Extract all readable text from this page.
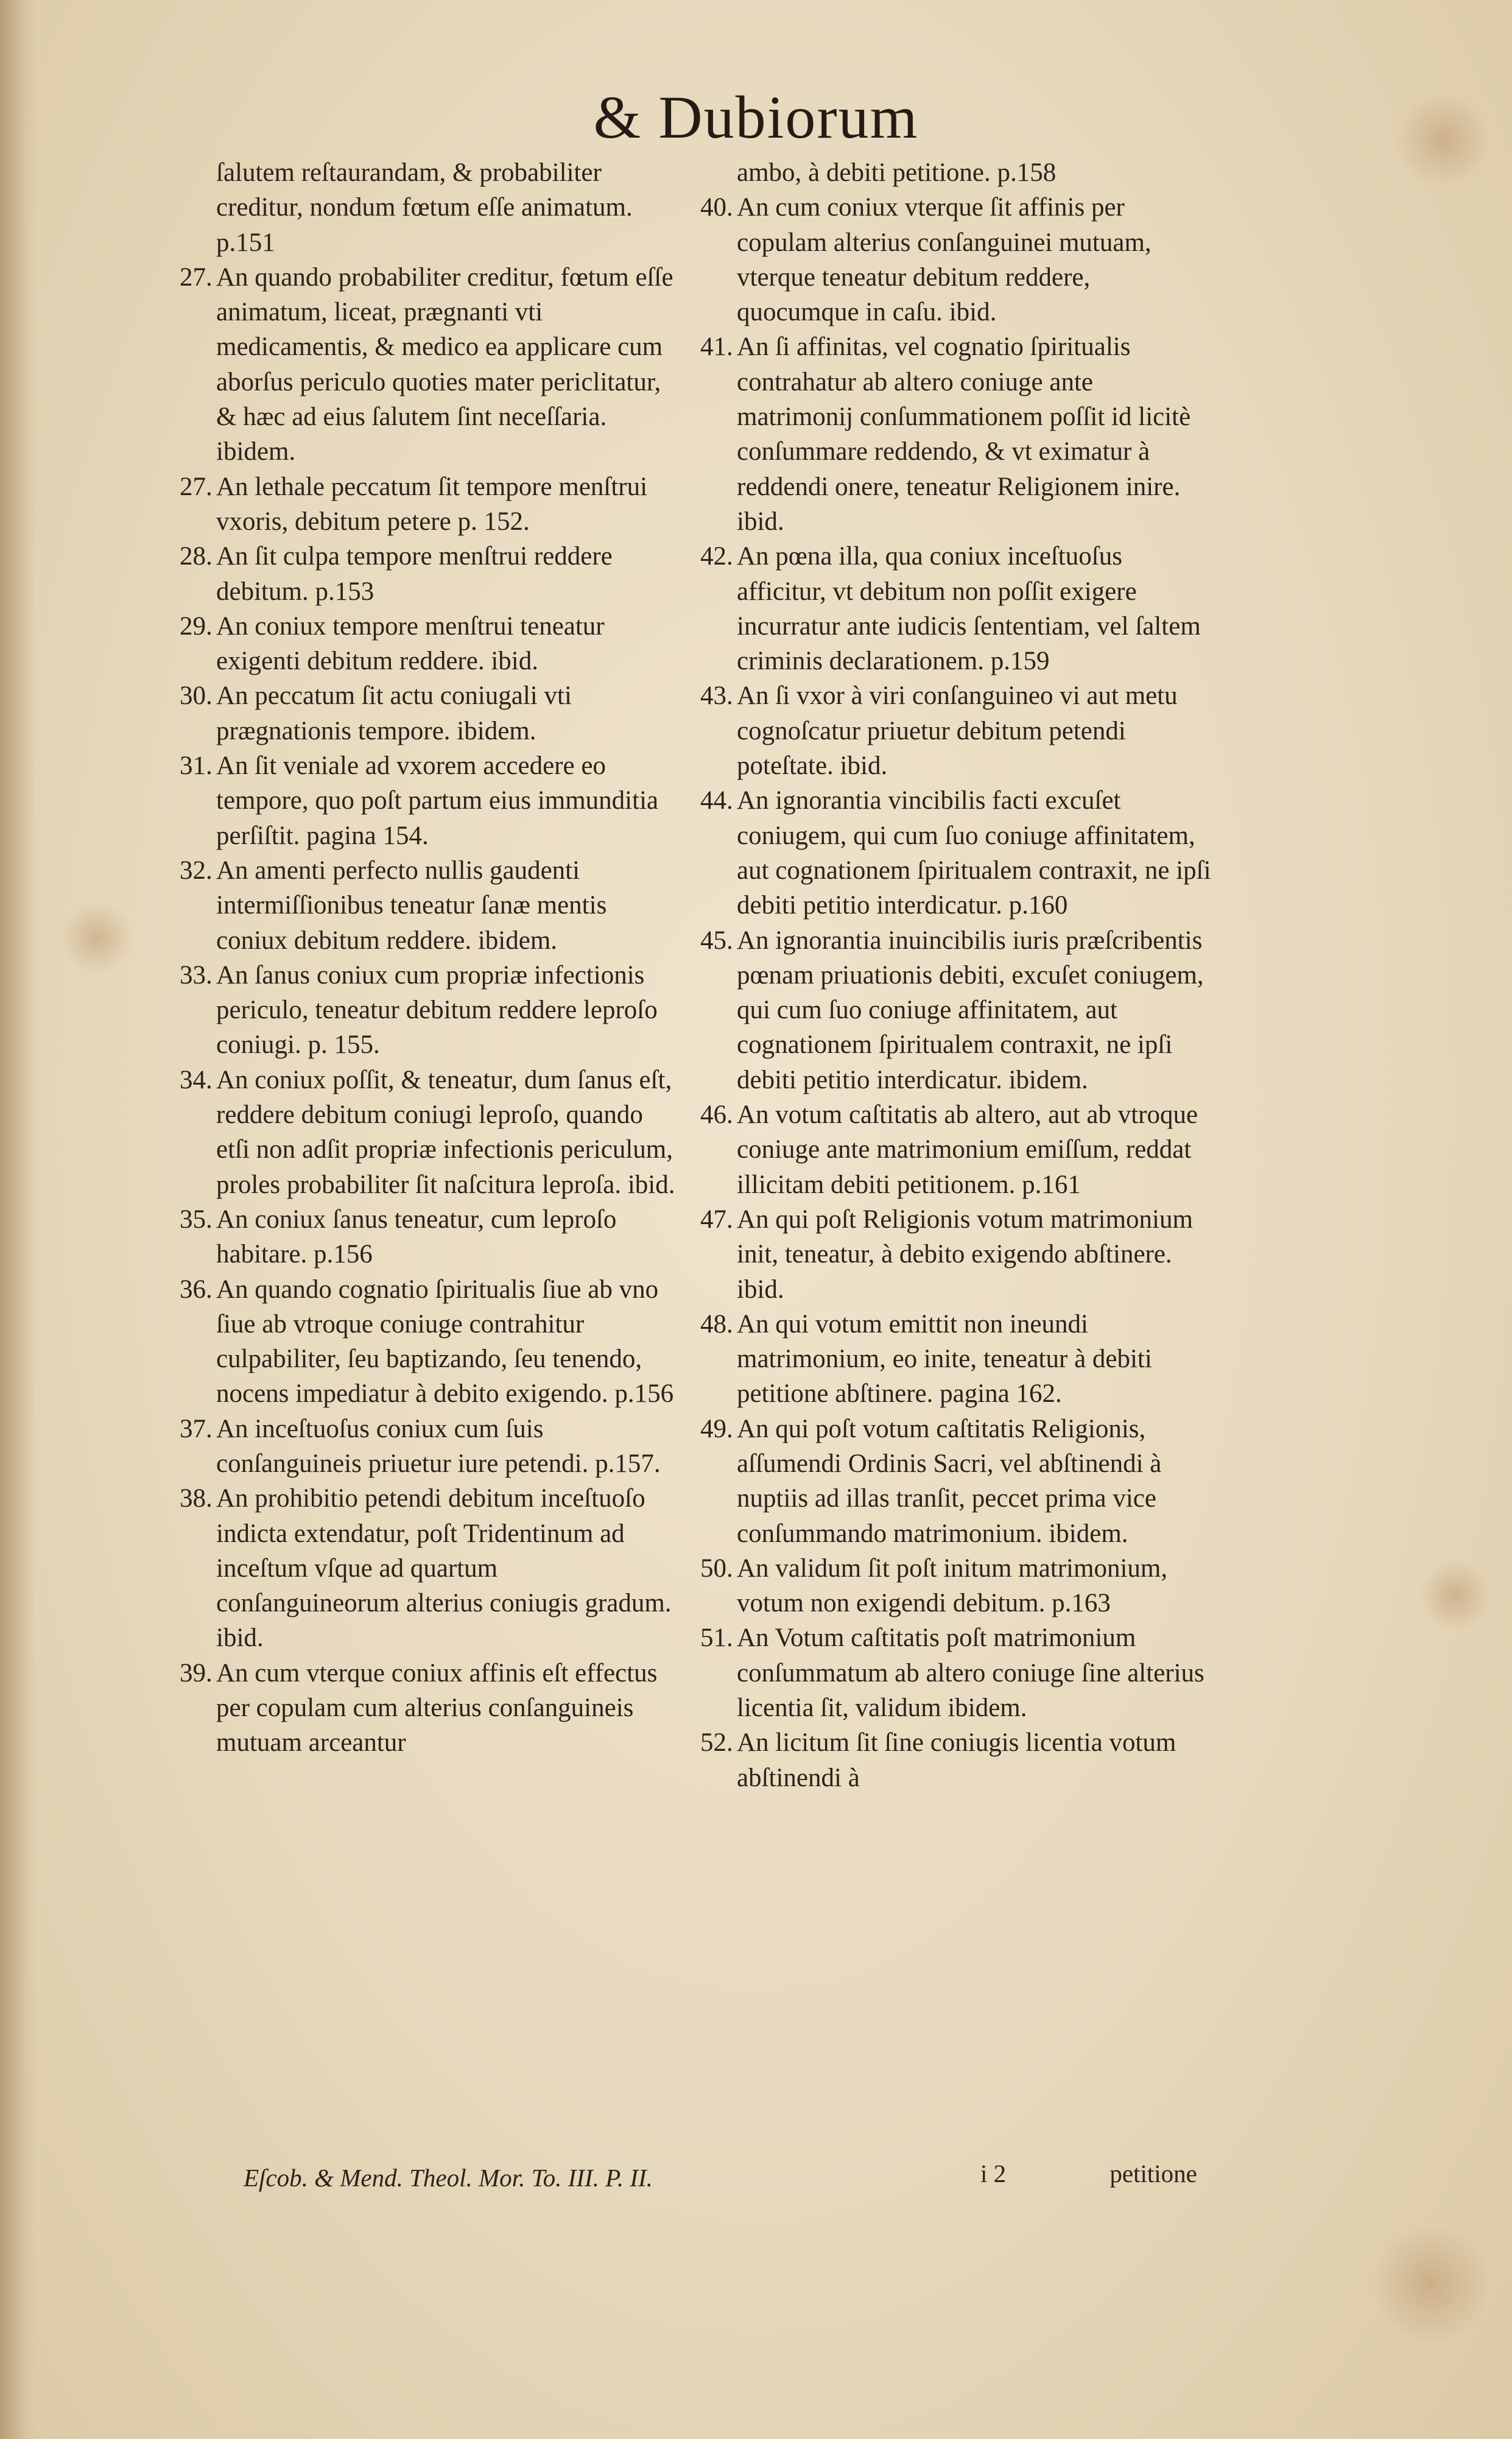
& Dubiorum
ſalutem reſtaurandam, & probabiliter creditur, nondum fœtum eſſe animatum. p.151
27. An quando probabiliter creditur, fœtum eſſe animatum, liceat, prægnanti vti medicamentis, & medico ea applicare cum aborſus periculo quoties mater periclitatur, & hæc ad eius ſalutem ſint neceſſaria. ibidem.
27. An lethale peccatum ſit tempore menſtrui vxoris, debitum petere p. 152.
28. An ſit culpa tempore menſtrui reddere debitum. p.153
29. An coniux tempore menſtrui teneatur exigenti debitum reddere. ibid.
30. An peccatum ſit actu coniugali vti prægnationis tempore. ibidem.
31. An ſit veniale ad vxorem accedere eo tempore, quo poſt partum eius immunditia perſiſtit. pagina 154.
32. An amenti perfecto nullis gaudenti intermiſſionibus teneatur ſanæ mentis coniux debitum reddere. ibidem.
33. An ſanus coniux cum propriæ infectionis periculo, teneatur debitum reddere leproſo coniugi. p. 155.
34. An coniux poſſit, & teneatur, dum ſanus eſt, reddere debitum coniugi leproſo, quando etſi non adſit propriæ infectionis periculum, proles probabiliter ſit naſcitura leproſa. ibid.
35. An coniux ſanus teneatur, cum leproſo habitare. p.156
36. An quando cognatio ſpiritualis ſiue ab vno ſiue ab vtroque coniuge contrahitur culpabiliter, ſeu baptizando, ſeu tenendo, nocens impediatur à debito exigendo. p.156
37. An inceſtuoſus coniux cum ſuis conſanguineis priuetur iure petendi. p.157.
38. An prohibitio petendi debitum inceſtuoſo indicta extendatur, poſt Tridentinum ad inceſtum vſque ad quartum conſanguineorum alterius coniugis gradum. ibid.
39. An cum vterque coniux affinis eſt effectus per copulam cum alterius conſanguineis mutuam arceantur
ambo, à debiti petitione. p.158
40. An cum coniux vterque ſit affinis per copulam alterius conſanguinei mutuam, vterque teneatur debitum reddere, quocumque in caſu. ibid.
41. An ſi affinitas, vel cognatio ſpiritualis contrahatur ab altero coniuge ante matrimonij conſummationem poſſit id licitè conſummare reddendo, & vt eximatur à reddendi onere, teneatur Religionem inire. ibid.
42. An pœna illa, qua coniux inceſtuoſus afficitur, vt debitum non poſſit exigere incurratur ante iudicis ſententiam, vel ſaltem criminis declarationem. p.159
43. An ſi vxor à viri conſanguineo vi aut metu cognoſcatur priuetur debitum petendi poteſtate. ibid.
44. An ignorantia vincibilis facti excuſet coniugem, qui cum ſuo coniuge affinitatem, aut cognationem ſpiritualem contraxit, ne ipſi debiti petitio interdicatur. p.160
45. An ignorantia inuincibilis iuris præſcribentis pœnam priuationis debiti, excuſet coniugem, qui cum ſuo coniuge affinitatem, aut cognationem ſpiritualem contraxit, ne ipſi debiti petitio interdicatur. ibidem.
46. An votum caſtitatis ab altero, aut ab vtroque coniuge ante matrimonium emiſſum, reddat illicitam debiti petitionem. p.161
47. An qui poſt Religionis votum matrimonium init, teneatur, à debito exigendo abſtinere. ibid.
48. An qui votum emittit non ineundi matrimonium, eo inite, teneatur à debiti petitione abſtinere. pagina 162.
49. An qui poſt votum caſtitatis Religionis, aſſumendi Ordinis Sacri, vel abſtinendi à nuptiis ad illas tranſit, peccet prima vice conſummando matrimonium. ibidem.
50. An validum ſit poſt initum matrimonium, votum non exigendi debitum. p.163
51. An Votum caſtitatis poſt matrimonium conſummatum ab altero coniuge ſine alterius licentia ſit, validum ibidem.
52. An licitum ſit ſine coniugis licentia votum abſtinendi à
Eſcob. & Mend. Theol. Mor. To. III. P. II.	i 2	petitione
